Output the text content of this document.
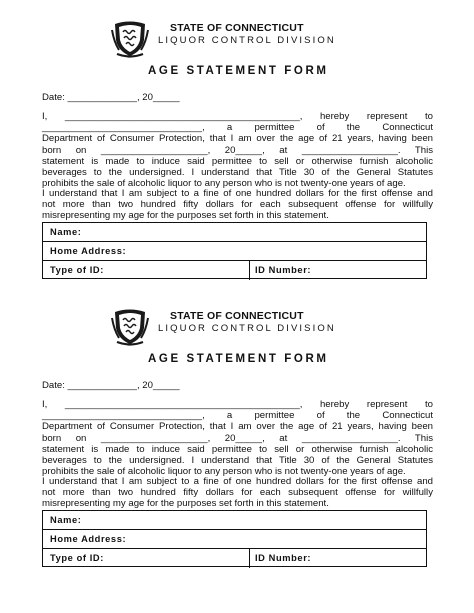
STATE OF CONNECTICUT
LIQUOR CONTROL DIVISION
AGE STATEMENT FORM
Date: _____________, 20_____
I, ____________________________________________, hereby represent to
______________________________, a permittee of the Connecticut
Department of Consumer Protection, that I am over the age of 21 years, having been
born on ____________________, 20_____, at __________________. This
statement is made to induce said permittee to sell or otherwise furnish alcoholic
beverages to the undersigned. I understand that Title 30 of the General Statutes
prohibits the sale of alcoholic liquor to any person who is not twenty-one years of age.
I understand that I am subject to a fine of one hundred dollars for the first offense and
not more than two hundred fifty dollars for each subsequent offense for willfully
misrepresenting my age for the purposes set forth in this statement.
Name:
Home Address:
Type of ID:	ID Number:
STATE OF CONNECTICUT
LIQUOR CONTROL DIVISION
AGE STATEMENT FORM
Date: _____________, 20_____
I, ____________________________________________, hereby represent to
______________________________, a permittee of the Connecticut
Department of Consumer Protection, that I am over the age of 21 years, having been
born on ____________________, 20_____, at __________________. This
statement is made to induce said permittee to sell or otherwise furnish alcoholic
beverages to the undersigned. I understand that Title 30 of the General Statutes
prohibits the sale of alcoholic liquor to any person who is not twenty-one years of age.
I understand that I am subject to a fine of one hundred dollars for the first offense and
not more than two hundred fifty dollars for each subsequent offense for willfully
misrepresenting my age for the purposes set forth in this statement.
Name:
Home Address:
Type of ID:	ID Number:
